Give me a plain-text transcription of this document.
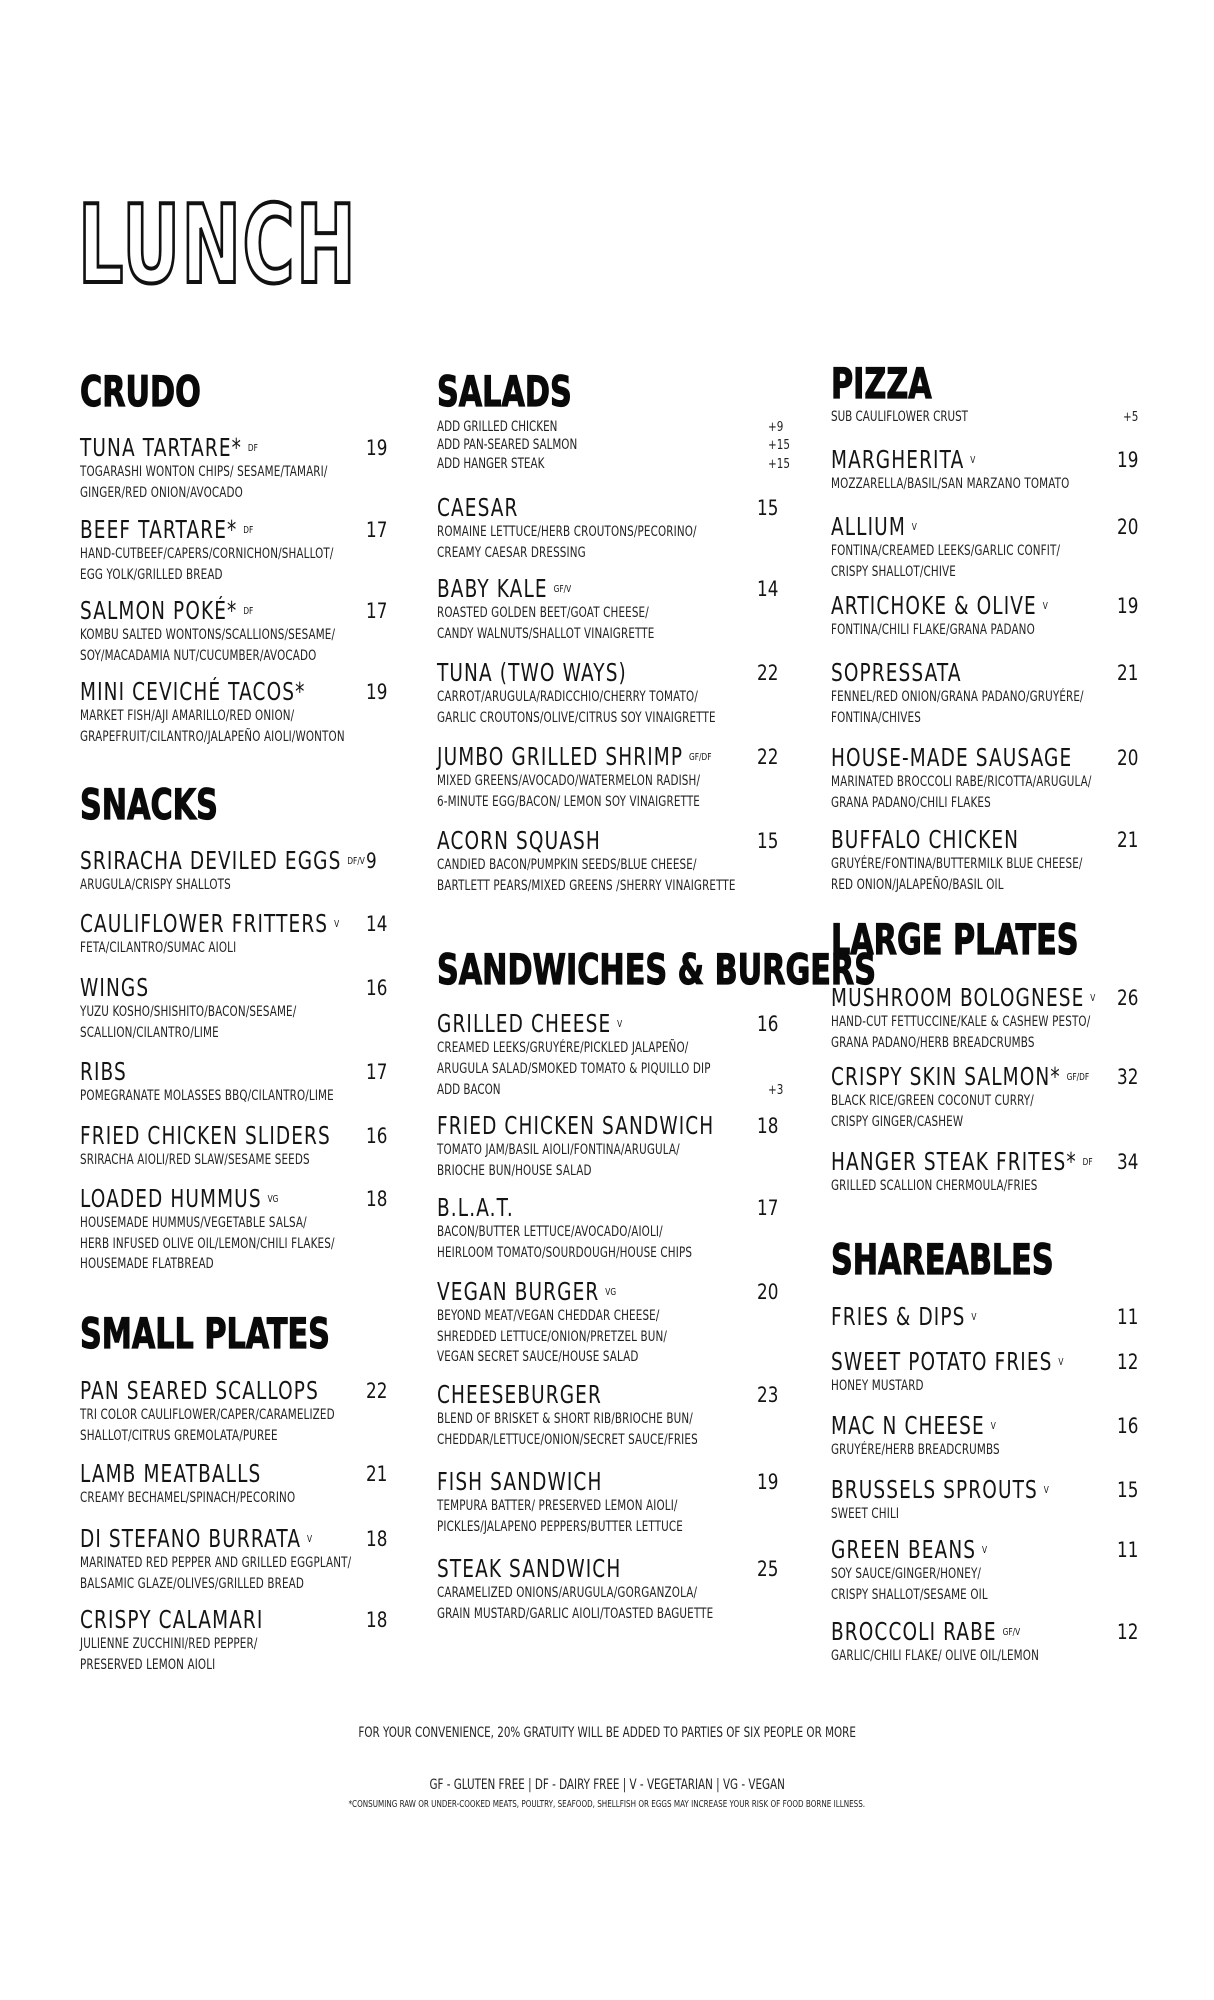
LUNCH
CRUDO
TUNA TARTARE* $^{DF}$	19
TOGARASHI WONTON CHIPS/ SESAME/TAMARI/
GINGER/RED ONION/AVOCADO
BEEF TARTARE* $^{DF}$	17
HAND-CUTBEEF/CAPERS/CORNICHON/SHALLOT/
EGG YOLK/GRILLED BREAD
SALMON POKÉ* $^{DF}$	17
KOMBU SALTED WONTONS/SCALLIONS/SESAME/
SOY/MACADAMIA NUT/CUCUMBER/AVOCADO
MINI CEVICHÉ TACOS*	19
MARKET FISH/AJI AMARILLO/RED ONION/
GRAPEFRUIT/CILANTRO/JALAPEÑO AIOLI/WONTON
SNACKS
SRIRACHA DEVILED EGGS $^{DF/V}$ 9
ARUGULA/CRISPY SHALLOTS
CAULIFLOWER FRITTERS $^V$ 14
FETA/CILANTRO/SUMAC AIOLI
WINGS	16
YUZU KOSHO/SHISHITO/BACON/SESAME/
SCALLION/CILANTRO/LIME
RIBS	17
POMEGRANATE MOLASSES BBQ/CILANTRO/LIME
FRIED CHICKEN SLIDERS 16
SRIRACHA AIOLI/RED SLAW/SESAME SEEDS
LOADED HUMMUS $^{VG}$	18
HOUSEMADE HUMMUS/VEGETABLE SALSA/
HERB INFUSED OLIVE OIL/LEMON/CHILI FLAKES/
HOUSEMADE FLATBREAD
SMALL PLATES
PAN SEARED SCALLOPS 22
TRI COLOR CAULIFLOWER/CAPER/CARAMELIZED
SHALLOT/CITRUS GREMOLATA/PUREE
LAMB MEATBALLS	21
CREAMY BECHAMEL/SPINACH/PECORINO
DI STEFANO BURRATA $^V$	18
MARINATED RED PEPPER AND GRILLED EGGPLANT/
BALSAMIC GLAZE/OLIVES/GRILLED BREAD
CRISPY CALAMARI	18
JULIENNE ZUCCHINI/RED PEPPER/
PRESERVED LEMON AIOLI
SALADS
ADD GRILLED CHICKEN	+9
ADD PAN-SEARED SALMON	+15
ADD HANGER STEAK	+15
CAESAR	15
ROMAINE LETTUCE/HERB CROUTONS/PECORINO/
CREAMY CAESAR DRESSING
BABY KALE $^{GF/V}$	14
ROASTED GOLDEN BEET/GOAT CHEESE/
CANDY WALNUTS/SHALLOT VINAIGRETTE
TUNA (TWO WAYS)	22
CARROT/ARUGULA/RADICCHIO/CHERRY TOMATO/
GARLIC CROUTONS/OLIVE/CITRUS SOY VINAIGRETTE
JUMBO GRILLED SHRIMP $^{GF/DF}$ 22
MIXED GREENS/AVOCADO/WATERMELON RADISH/
6-MINUTE EGG/BACON/ LEMON SOY VINAIGRETTE
ACORN SQUASH	15
CANDIED BACON/PUMPKIN SEEDS/BLUE CHEESE/
BARTLETT PEARS/MIXED GREENS /SHERRY VINAIGRETTE
SANDWICHES & BURGERS
GRILLED CHEESE $^V$	16
CREAMED LEEKS/GRUYÉRE/PICKLED JALAPEÑO/
ARUGULA SALAD/SMOKED TOMATO & PIQUILLO DIP
ADD BACON	+3
FRIED CHICKEN SANDWICH 18
TOMATO JAM/BASIL AIOLI/FONTINA/ARUGULA/
BRIOCHE BUN/HOUSE SALAD
B.L.A.T.	17
BACON/BUTTER LETTUCE/AVOCADO/AIOLI/
HEIRLOOM TOMATO/SOURDOUGH/HOUSE CHIPS
VEGAN BURGER $^{VG}$	20
BEYOND MEAT/VEGAN CHEDDAR CHEESE/
SHREDDED LETTUCE/ONION/PRETZEL BUN/
VEGAN SECRET SAUCE/HOUSE SALAD
CHEESEBURGER	23
BLEND OF BRISKET & SHORT RIB/BRIOCHE BUN/
CHEDDAR/LETTUCE/ONION/SECRET SAUCE/FRIES
FISH SANDWICH	19
TEMPURA BATTER/ PRESERVED LEMON AIOLI/
PICKLES/JALAPENO PEPPERS/BUTTER LETTUCE
STEAK SANDWICH	25
CARAMELIZED ONIONS/ARUGULA/GORGANZOLA/
GRAIN MUSTARD/GARLIC AIOLI/TOASTED BAGUETTE
PIZZA
SUB CAULIFLOWER CRUST	+5
MARGHERITA $^V$	19
MOZZARELLA/BASIL/SAN MARZANO TOMATO
ALLIUM $^V$	20
FONTINA/CREAMED LEEKS/GARLIC CONFIT/
CRISPY SHALLOT/CHIVE
ARTICHOKE & OLIVE $^V$	19
FONTINA/CHILI FLAKE/GRANA PADANO
SOPRESSATA	21
FENNEL/RED ONION/GRANA PADANO/GRUYÉRE/
FONTINA/CHIVES
HOUSE-MADE SAUSAGE 20
MARINATED BROCCOLI RABE/RICOTTA/ARUGULA/
GRANA PADANO/CHILI FLAKES
BUFFALO CHICKEN	21
GRUYÉRE/FONTINA/BUTTERMILK BLUE CHEESE/
RED ONION/JALAPEÑO/BASIL OIL
LARGE PLATES
MUSHROOM BOLOGNESE $^V$ 26
HAND-CUT FETTUCCINE/KALE & CASHEW PESTO/
GRANA PADANO/HERB BREADCRUMBS
CRISPY SKIN SALMON* $^{GF/DF}$ 32
BLACK RICE/GREEN COCONUT CURRY/
CRISPY GINGER/CASHEW
HANGER STEAK FRITES* $^{DF}$ 34
GRILLED SCALLION CHERMOULA/FRIES
SHAREABLES
FRIES & DIPS $^V$	11
SWEET POTATO FRIES $^V$	12
HONEY MUSTARD
MAC N CHEESE $^V$	16
GRUYÉRE/HERB BREADCRUMBS
BRUSSELS SPROUTS $^V$	15
SWEET CHILI
GREEN BEANS $^V$	11
SOY SAUCE/GINGER/HONEY/
CRISPY SHALLOT/SESAME OIL
BROCCOLI RABE $^{GF/V}$	12
GARLIC/CHILI FLAKE/ OLIVE OIL/LEMON
FOR YOUR CONVENIENCE, 20% GRATUITY WILL BE ADDED TO PARTIES OF SIX PEOPLE OR MORE
GF - GLUTEN FREE | DF - DAIRY FREE | V - VEGETARIAN | VG - VEGAN
*CONSUMING RAW OR UNDER-COOKED MEATS, POULTRY, SEAFOOD, SHELLFISH OR EGGS MAY INCREASE YOUR RISK OF FOOD BORNE ILLNESS.
